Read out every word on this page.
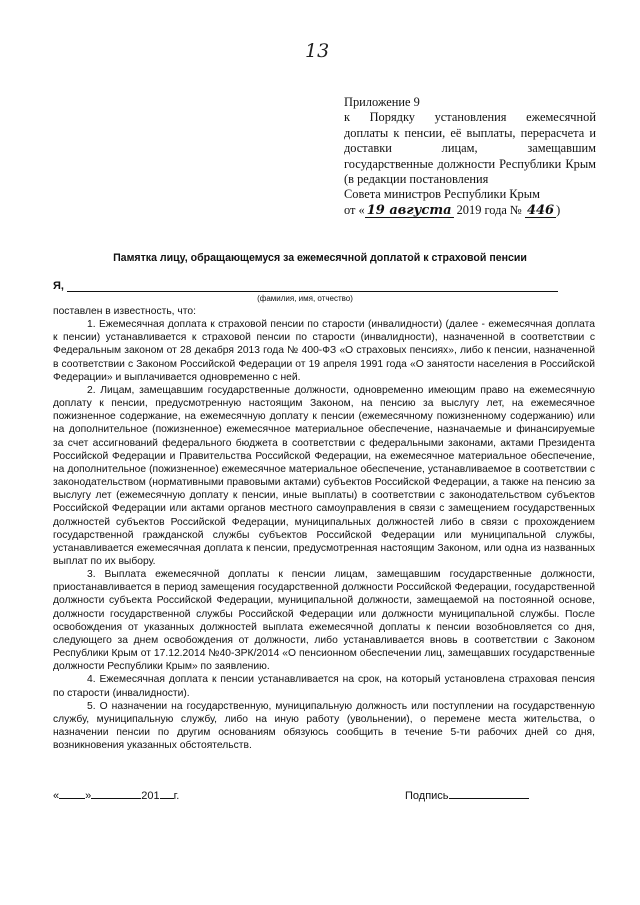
13
Приложение 9
к Порядку установления ежемесячной
доплаты к пенсии, её выплаты, перерасчета и
доставки лицам, замещавшим
государственные должности Республики Крым
(в редакции постановления
Совета министров Республики Крым
от « 19 августа 2019 года № 446 )
Памятка лицу, обращающемуся за ежемесячной доплатой к страховой пенсии
Я,
(фамилия, имя, отчество)

поставлен в известность, что:

1. Ежемесячная доплата к страховой пенсии по старости (инвалидности) (далее - ежемесячная доплата к пенсии) устанавливается к страховой пенсии по старости (инвалидности), назначенной в соответствии с Федеральным законом от 28 декабря 2013 года № 400-ФЗ «О страховых пенсиях», либо к пенсии, назначенной в соответствии с Законом Российской Федерации от 19 апреля 1991 года «О занятости населения в Российской Федерации» и выплачивается одновременно с ней.

2. Лицам, замещавшим государственные должности, одновременно имеющим право на ежемесячную доплату к пенсии, предусмотренную настоящим Законом, на пенсию за выслугу лет, на ежемесячное пожизненное содержание, на ежемесячную доплату к пенсии (ежемесячному пожизненному содержанию) или на дополнительное (пожизненное) ежемесячное материальное обеспечение, назначаемые и финансируемые за счет ассигнований федерального бюджета в соответствии с федеральными законами, актами Президента Российской Федерации и Правительства Российской Федерации, на ежемесячное материальное обеспечение, на дополнительное (пожизненное) ежемесячное материальное обеспечение, устанавливаемое в соответствии с законодательством (нормативными правовыми актами) субъектов Российской Федерации, а также на пенсию за выслугу лет (ежемесячную доплату к пенсии, иные выплаты) в соответствии с законодательством субъектов Российской Федерации или актами органов местного самоуправления в связи с замещением государственных должностей субъектов Российской Федерации, муниципальных должностей либо в связи с прохождением государственной гражданской службы субъектов Российской Федерации или муниципальной службы, устанавливается ежемесячная доплата к пенсии, предусмотренная настоящим Законом, или одна из названных выплат по их выбору.

3. Выплата ежемесячной доплаты к пенсии лицам, замещавшим государственные должности, приостанавливается в период замещения государственной должности Российской Федерации, государственной должности субъекта Российской Федерации, муниципальной должности, замещаемой на постоянной основе, должности государственной службы Российской Федерации или должности муниципальной службы. После освобождения от указанных должностей выплата ежемесячной доплаты к пенсии возобновляется со дня, следующего за днем освобождения от должности, либо устанавливается вновь в соответствии с Законом Республики Крым от 17.12.2014 №40-ЗРК/2014 «О пенсионном обеспечении лиц, замещавших государственные должности Республики Крым» по заявлению.

4. Ежемесячная доплата к пенсии устанавливается на срок, на который установлена страховая пенсия по старости (инвалидности).

5. О назначении на государственную, муниципальную должность или поступлении на государственную службу, муниципальную службу, либо на иную работу (увольнении), о перемене места жительства, о назначении пенсии по другим основаниям обязуюсь сообщить в течение 5-ти рабочих дней со дня, возникновения указанных обстоятельств.

« »	201 г.	Подпись
